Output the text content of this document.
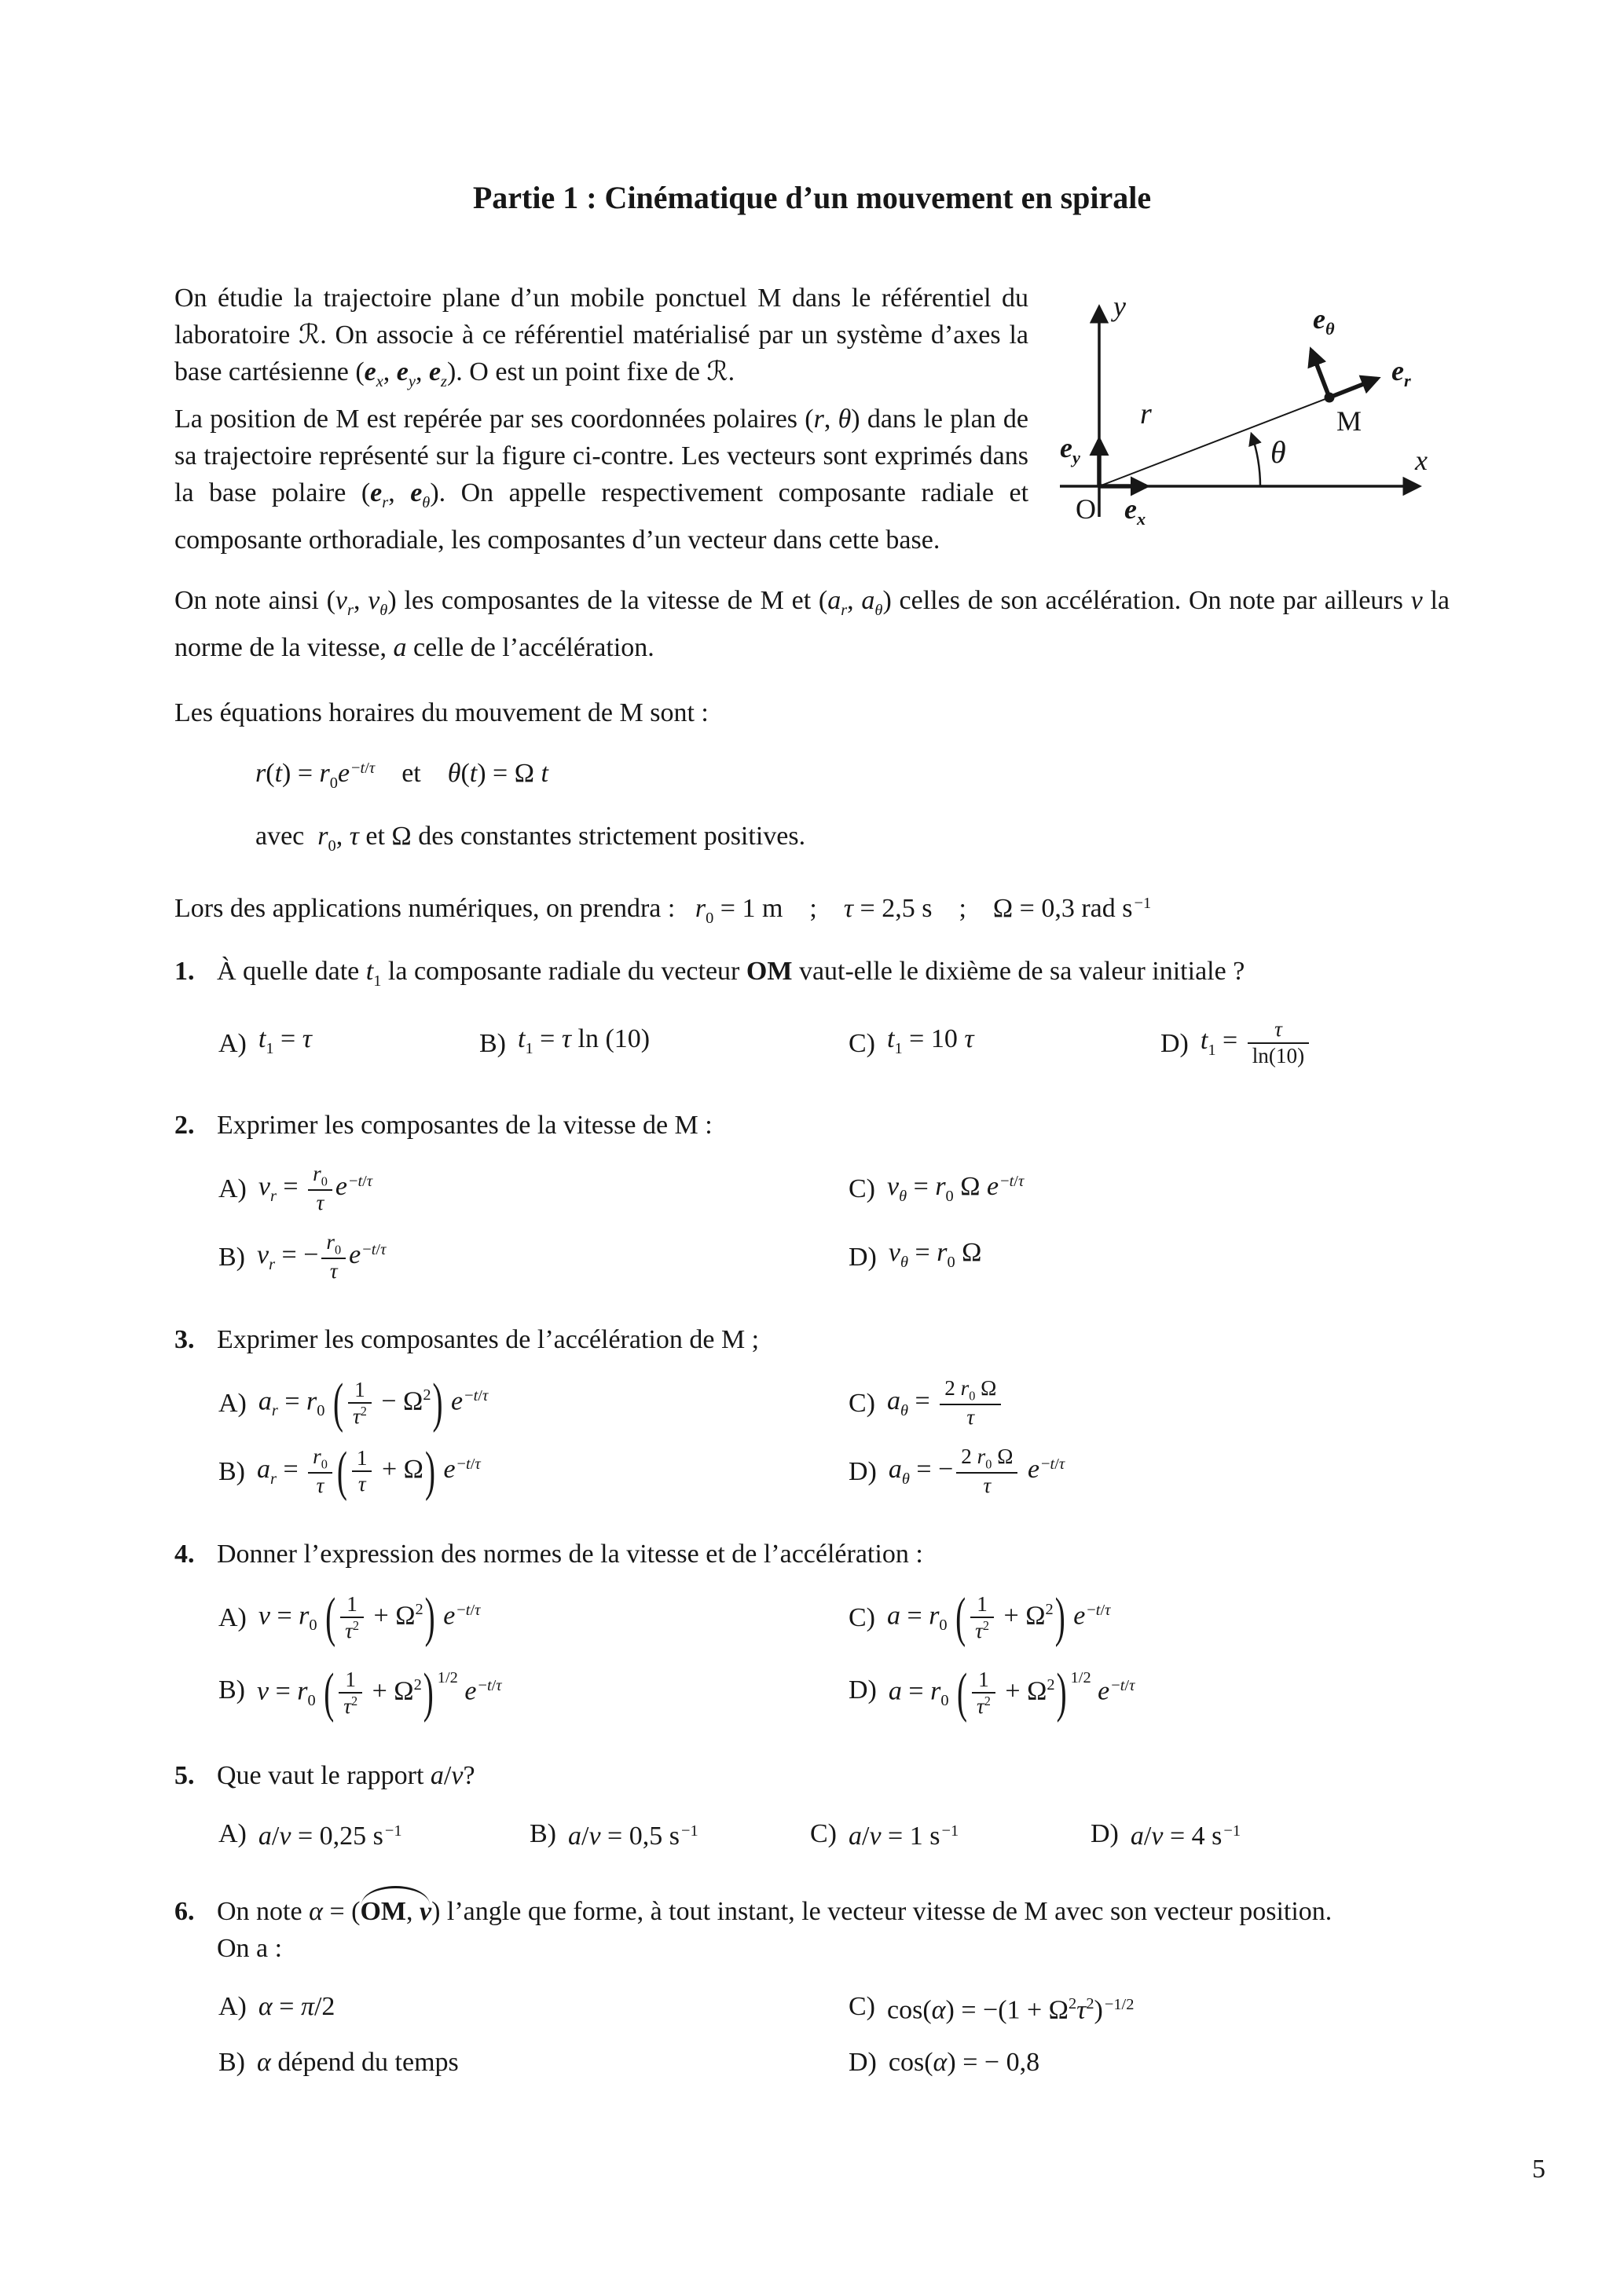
Partie 1 : Cinématique d’un mouvement en spirale
y
x
O
M
r
θ
$e_x$
$e_y$
$e_r$
$e_\theta$

On étudie la trajectoire plane d’un mobile ponctuel M dans le référentiel du laboratoire ℛ. On associe à ce référentiel matérialisé par un système d’axes la base cartésienne ($e_x$, $e_y$, $e_z$). O est un point fixe de ℛ.

La position de M est repérée par ses coordonnées polaires (r, θ) dans le plan de sa trajectoire représenté sur la figure ci-contre. Les vecteurs sont exprimés dans la base polaire ($e_r$, $e_\theta$). On appelle respectivement composante radiale et composante orthoradiale, les composantes d’un vecteur dans cette base.

On note ainsi ($v_r$, $v_\theta$) les composantes de la vitesse de M et ($a_r$, $a_\theta$) celles de son accélération. On note par ailleurs v la norme de la vitesse, a celle de l’accélération.

Les équations horaires du mouvement de M sont :
$r(t) = r_0e^{-t/\tau}$    et    θ(t) = Ω t
avec  $r_0$, τ et Ω des constantes strictement positives.
Lors des applications numériques, on prendra :   $r_0 = 1$ m    ;    τ = 2,5 s    ;    Ω = 0,3 rad $s^{-1}$
1. À quelle date $t_1$ la composante radiale du vecteur OM vaut-elle le dixième de sa valeur initiale ?
A) $t_1 = \tau$	B) $t_1 = \tau$ ln (10)	C) $t_1 = 10$ τ	D) $t_1 = \frac{\tau}{\ln(10)}$
2. Exprimer les composantes de la vitesse de M :
A) $v_r = \frac{r_0}{\tau} e^{-t/\tau}$	C) $v_\theta = r_0$ Ω $e^{-t/\tau}$
B) $v_r$ = − $\frac{r_0}{\tau} e^{-t/\tau}$	D) $v_\theta = r_0$ Ω
3. Exprimer les composantes de l’accélération de M ;
A) $a_r = r_0$ ( $\frac{1}{\tau^2} - \Omega^2$) $e^{-t/\tau}$	C) $a_\theta = \frac{2 r_0 \Omega}{\tau}$
B) $a_r = \frac{r_0}{\tau}$ ( $\frac{1}{\tau} + \Omega$) $e^{-t/\tau}$	D) $a_\theta$ = − $\frac{2 r_0 \Omega}{\tau} e^{-t/\tau}$
4. Donner l’expression des normes de la vitesse et de l’accélération :
A) $v = r_0$ ( $\frac{1}{\tau^2} + \Omega^2$) $e^{-t/\tau}$	C) $a = r_0$ ( $\frac{1}{\tau^2} + \Omega^2$) $e^{-t/\tau}$
B) $v = r_0$ ( $\frac{1}{\tau^2} + \Omega^2$) $^{1/2}$ $e^{-t/\tau}$	D) $a = r_0$ ( $\frac{1}{\tau^2} + \Omega^2$) $^{1/2}$ $e^{-t/\tau}$
5. Que vaut le rapport a/v?
A) a/v = 0,25 $s^{-1}$	B) a/v = 0,5 $s^{-1}$	C) a/v = 1 $s^{-1}$	D) a/v = 4 $s^{-1}$
6. On note α = (OM, v) l’angle que forme, à tout instant, le vecteur vitesse de M avec son vecteur position.
On a :
A) α = π/2	C) $\cos(\alpha) = -(1 + \Omega^2\tau^2)^{-1/2}$
B) α dépend du temps	D) cos(α) = − 0,8
5
